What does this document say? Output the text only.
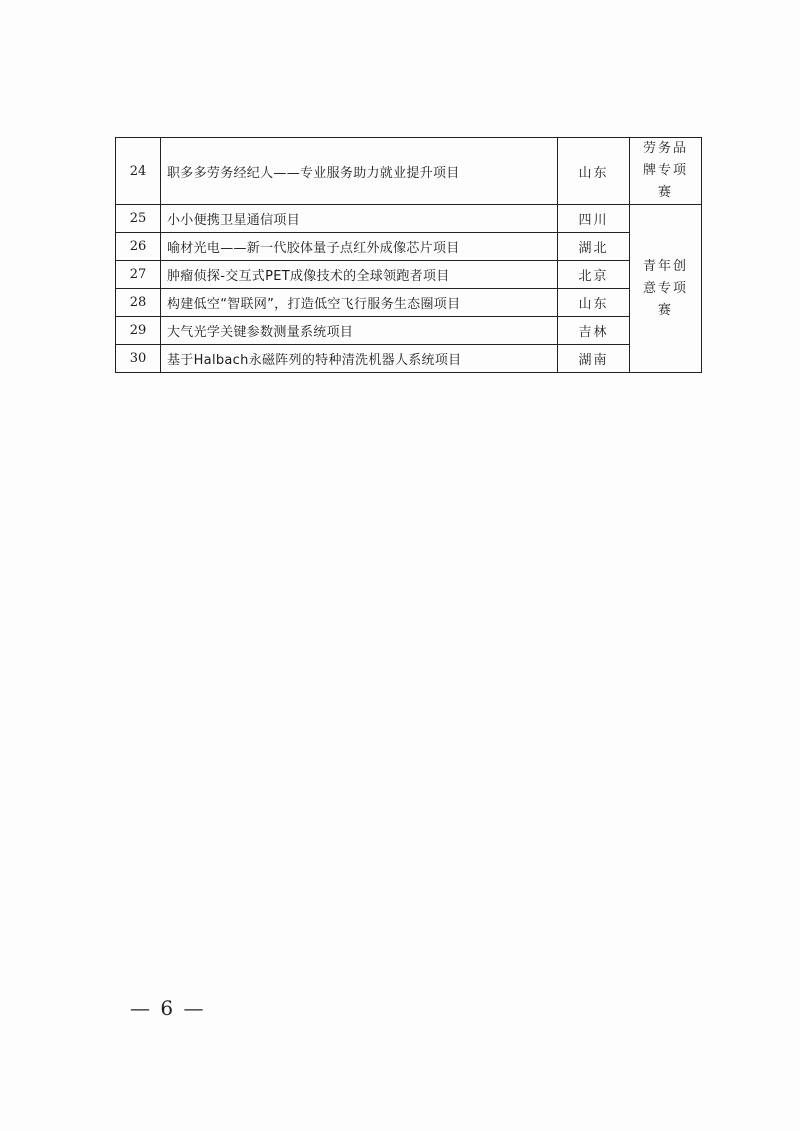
24	职多多劳务经纪人——专业服务助力就业提升项目	山东	劳务品牌专项赛
25	小小便携卫星通信项目	四川	青年创意专项赛
26	喻材光电——新一代胶体量子点红外成像芯片项目	湖北	
27	肿瘤侦探-交互式PET成像技术的全球领跑者项目	北京	
28	构建低空“智联网”，打造低空飞行服务生态圈项目	山东	
29	大气光学关键参数测量系统项目	吉林	
30	基于Halbach永磁阵列的特种清洗机器人系统项目	湖南	
— 6 —
